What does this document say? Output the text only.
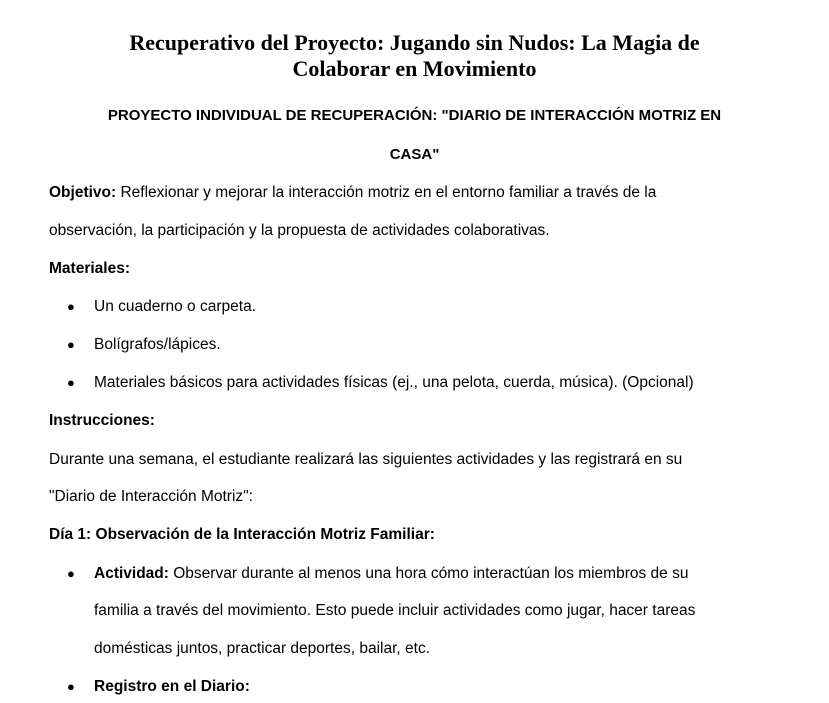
Recuperativo del Proyecto: Jugando sin Nudos: La Magia de
Colaborar en Movimiento

PROYECTO INDIVIDUAL DE RECUPERACIÓN: "DIARIO DE INTERACCIÓN MOTRIZ EN

CASA"

Objetivo: Reflexionar y mejorar la interacción motriz en el entorno familiar a través de la

observación, la participación y la propuesta de actividades colaborativas.

Materiales:

● Un cuaderno o carpeta.
● Bolígrafos/lápices.
● Materiales básicos para actividades físicas (ej., una pelota, cuerda, música). (Opcional)

Instrucciones:

Durante una semana, el estudiante realizará las siguientes actividades y las registrará en su

"Diario de Interacción Motriz":

Día 1: Observación de la Interacción Motriz Familiar:

● Actividad: Observar durante al menos una hora cómo interactúan los miembros de su
familia a través del movimiento. Esto puede incluir actividades como jugar, hacer tareas
domésticas juntos, practicar deportes, bailar, etc.
● Registro en el Diario:
